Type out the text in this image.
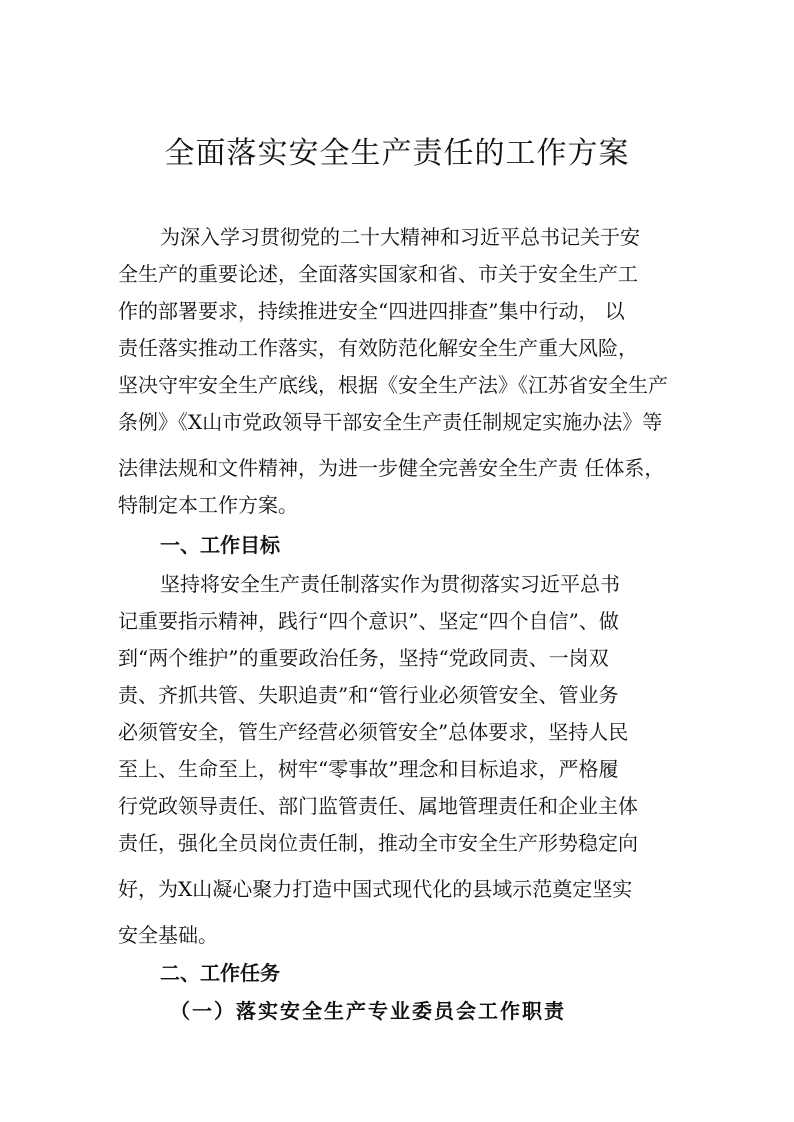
全面落实安全生产责任的工作方案

为深入学习贯彻党的二十大精神和习近平总书记关于安

全生产的重要论述，全面落实国家和省、市关于安全生产工

作的部署要求，持续推进安全“四进四排查”集中行动， 以

责任落实推动工作落实，有效防范化解安全生产重大风险，

坚决守牢安全生产底线，根据《安全生产法》《江苏省安全生产

条例》《X山市党政领导干部安全生产责任制规定实施办法》等

法律法规和文件精神，为进一步健全完善安全生产责 任体系，

特制定本工作方案。

一、工作目标

坚持将安全生产责任制落实作为贯彻落实习近平总书

记重要指示精神，践行“四个意识”、坚定“四个自信”、做

到“两个维护”的重要政治任务，坚持“党政同责、一岗双

责、齐抓共管、失职追责”和“管行业必须管安全、管业务

必须管安全，管生产经营必须管安全”总体要求，坚持人民

至上、生命至上，树牢“零事故”理念和目标追求，严格履

行党政领导责任、部门监管责任、属地管理责任和企业主体

责任，强化全员岗位责任制，推动全市安全生产形势稳定向

好，为X山凝心聚力打造中国式现代化的县域示范奠定坚实

安全基础。

二、工作任务
（一）落实安全生产专业委员会工作职责
